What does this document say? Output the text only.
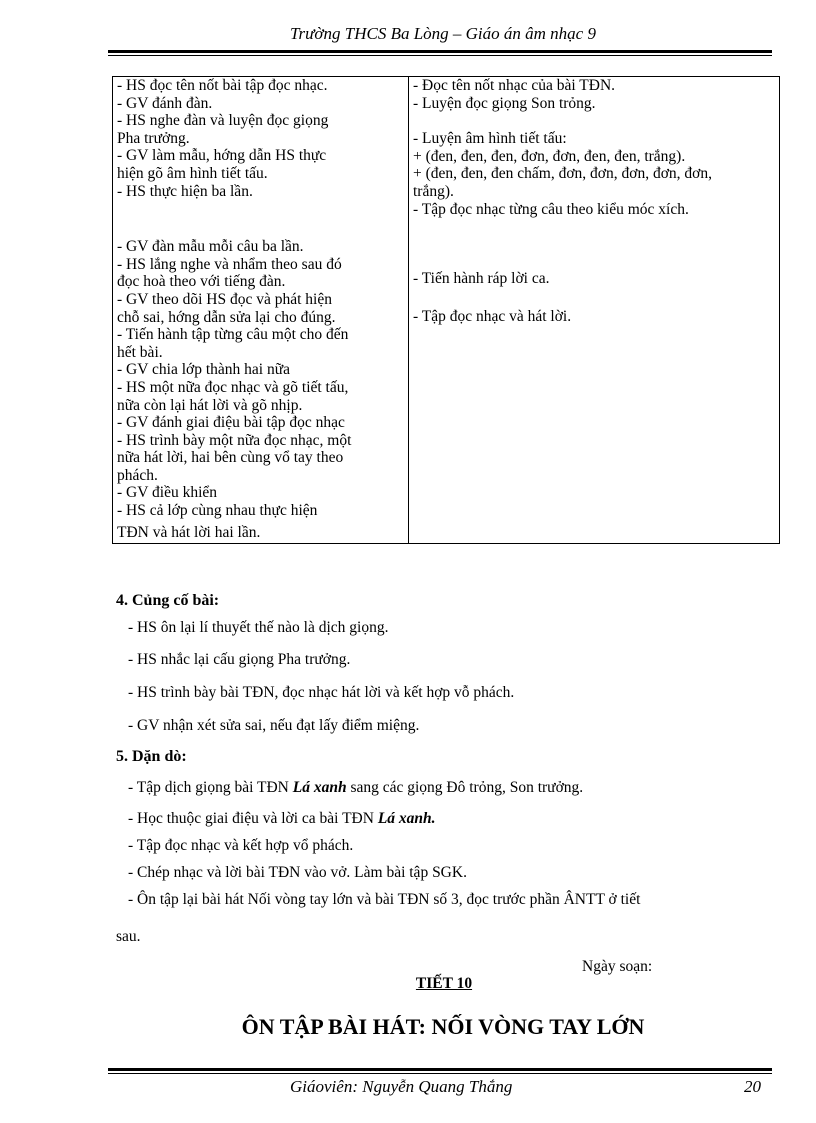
Trường THCS Ba Lòng – Giáo án âm nhạc 9
- HS đọc tên nốt bài tập đọc nhạc.
- GV đánh đàn.
- HS nghe đàn và luyện đọc giọng
Pha trưởng.
- GV làm mẫu, hớng dẫn HS thực
hiện gõ âm hình tiết tấu.
- HS thực hiện ba lần.
- GV đàn mẫu mỗi câu ba lần.
- HS lắng nghe và nhẩm theo sau đó
đọc hoà theo với tiếng đàn.
- GV theo dõi HS đọc và phát hiện
chỗ sai, hớng dẫn sửa lại cho đúng.
- Tiến hành tập từng câu một cho đến
hết bài.
- GV chia lớp thành hai nữa
- HS một nữa đọc nhạc và gõ tiết tấu,
nữa còn lại hát lời và gõ nhịp.
- GV đánh giai điệu bài tập đọc nhạc
- HS trình bày một nữa đọc nhạc, một
nữa hát lời, hai bên cùng vổ tay theo
phách.
- GV điều khiển
- HS cả lớp cùng nhau thực hiện
TĐN và hát lời hai lần.

- Đọc tên nốt nhạc của bài TĐN.
- Luyện đọc giọng Son trỏng.
- Luyện âm hình tiết tấu:
+ (đen, đen, đen, đơn, đơn, đen, đen, trắng).
+ (đen, đen, đen chấm, đơn, đơn, đơn, đơn, đơn,
trắng).
- Tập đọc nhạc từng câu theo kiểu móc xích.
- Tiến hành ráp lời ca.
- Tập đọc nhạc và hát lời.
4. Củng cố bài:
- HS ôn lại lí thuyết thế nào là dịch giọng.
- HS nhắc lại cấu giọng Pha trưởng.
- HS trình bày bài TĐN, đọc nhạc hát lời và kết hợp vỗ phách.
- GV nhận xét sửa sai, nếu đạt lấy điểm miệng.
5. Dặn dò:
- Tập dịch giọng bài TĐN Lá xanh sang các giọng Đô trỏng, Son trưởng.
- Học thuộc giai điệu và lời ca bài TĐN Lá xanh.
- Tập đọc nhạc và kết hợp vổ phách.
- Chép nhạc và lời bài TĐN vào vở. Làm bài tập SGK.
- Ôn tập lại bài hát Nối vòng tay lớn và bài TĐN số 3, đọc trước phần ÂNTT ở tiết
sau.
Ngày soạn:
TIẾT 10
ÔN TẬP BÀI HÁT: NỐI VÒNG TAY LỚN
Giáoviên: Nguyễn Quang Thắng	20
